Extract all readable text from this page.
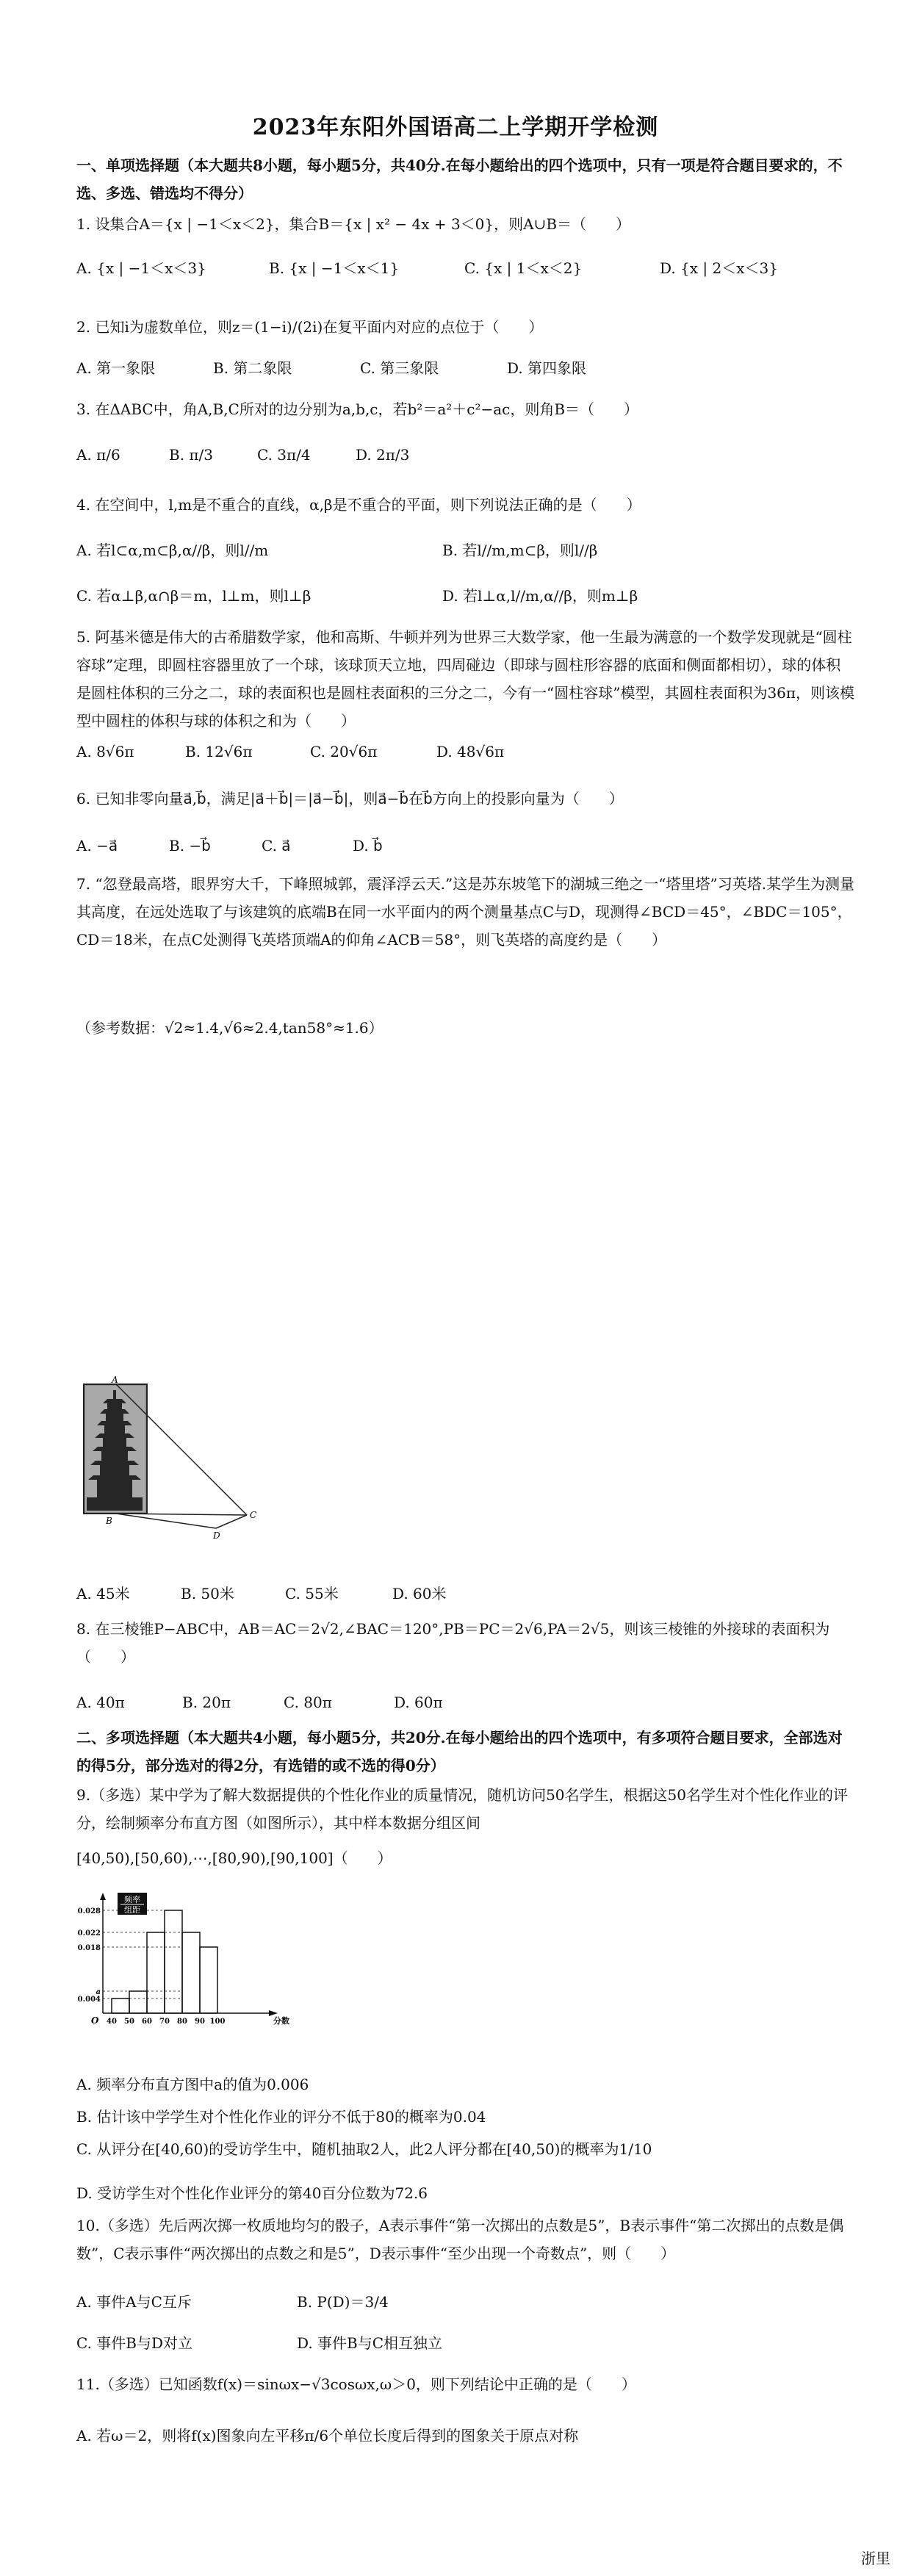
2023年东阳外国语高二上学期开学检测
一、单项选择题（本大题共8小题，每小题5分，共40分.在每小题给出的四个选项中，只有一项是符合题目要求的，不选、多选、错选均不得分）
1. 设集合A＝{x | −1＜x＜2}，集合B＝{x | x² − 4x + 3＜0}，则A∪B＝（　　）
A. {x | −1＜x＜3}	B. {x | −1＜x＜1}	C. {x | 1＜x＜2}	D. {x | 2＜x＜3}
2. 已知i为虚数单位，则z＝(1−i)/(2i)在复平面内对应的点位于（　　）
A. 第一象限	B. 第二象限	C. 第三象限	D. 第四象限
3. 在ΔABC中，角A,B,C所对的边分别为a,b,c，若b²＝a²＋c²−ac，则角B＝（　　）
A. π/6	B. π/3	C. 3π/4	D. 2π/3
4. 在空间中，l,m是不重合的直线，α,β是不重合的平面，则下列说法正确的是（　　）
A. 若l⊂α,m⊂β,α//β，则l//m	B. 若l//m,m⊂β，则l//β
C. 若α⊥β,α∩β＝m，l⊥m，则l⊥β	D. 若l⊥α,l//m,α//β，则m⊥β
5. 阿基米德是伟大的古希腊数学家，他和高斯、牛顿并列为世界三大数学家，他一生最为满意的一个数学发现就是“圆柱容球”定理，即圆柱容器里放了一个球，该球顶天立地，四周碰边（即球与圆柱形容器的底面和侧面都相切），球的体积是圆柱体积的三分之二，球的表面积也是圆柱表面积的三分之二，今有一“圆柱容球”模型，其圆柱表面积为36π，则该模型中圆柱的体积与球的体积之和为（　　）
A. 8√6π	B. 12√6π	C. 20√6π	D. 48√6π
6. 已知非零向量a⃗,b⃗，满足|a⃗＋b⃗|＝|a⃗−b⃗|，则a⃗−b⃗在b⃗方向上的投影向量为（　　）
A. −a⃗	B. −b⃗	C. a⃗	D. b⃗
7. “忽登最高塔，眼界穷大千，下峰照城郭，震泽浮云天.”这是苏东坡笔下的湖城三绝之一“塔里塔”习英塔.某学生为测量其高度，在远处选取了与该建筑的底端B在同一水平面内的两个测量基点C与D，现测得∠BCD＝45°，∠BDC＝105°，CD＝18米，在点C处测得飞英塔顶端A的仰角∠ACB＝58°，则飞英塔的高度约是（　　）
（参考数据：√2≈1.4,√6≈2.4,tan58°≈1.6）
A
C
D
B
A. 45米	B. 50米	C. 55米	D. 60米
8. 在三棱锥P−ABC中，AB＝AC＝2√2,∠BAC＝120°,PB＝PC＝2√6,PA＝2√5，则该三棱锥的外接球的表面积为（　　）
A. 40π	B. 20π	C. 80π	D. 60π
二、多项选择题（本大题共4小题，每小题5分，共20分.在每小题给出的四个选项中，有多项符合题目要求，全部选对的得5分，部分选对的得2分，有选错的或不选的得0分）
9.（多选）某中学为了解大数据提供的个性化作业的质量情况，随机访问50名学生，根据这50名学生对个性化作业的评分，绘制频率分布直方图（如图所示），其中样本数据分组区间
[40,50),[50,60),⋯,[80,90),[90,100]（　　）
频率
组距
0.028
0.022
0.018
a
0.004
40 50 60 70 80 90 100
O	分数
A. 频率分布直方图中a的值为0.006
B. 估计该中学学生对个性化作业的评分不低于80的概率为0.04
C. 从评分在[40,60)的受访学生中，随机抽取2人，此2人评分都在[40,50)的概率为1/10
D. 受访学生对个性化作业评分的第40百分位数为72.6
10.（多选）先后两次掷一枚质地均匀的骰子，A表示事件“第一次掷出的点数是5”，B表示事件“第二次掷出的点数是偶数”，C表示事件“两次掷出的点数之和是5”，D表示事件“至少出现一个奇数点”，则（　　）
A. 事件A与C互斥	B. P(D)＝3/4
C. 事件B与D对立	D. 事件B与C相互独立
11.（多选）已知函数f(x)＝sinωx−√3cosωx,ω＞0，则下列结论中正确的是（　　）
A. 若ω＝2，则将f(x)图象向左平移π/6个单位长度后得到的图象关于原点对称
浙里
